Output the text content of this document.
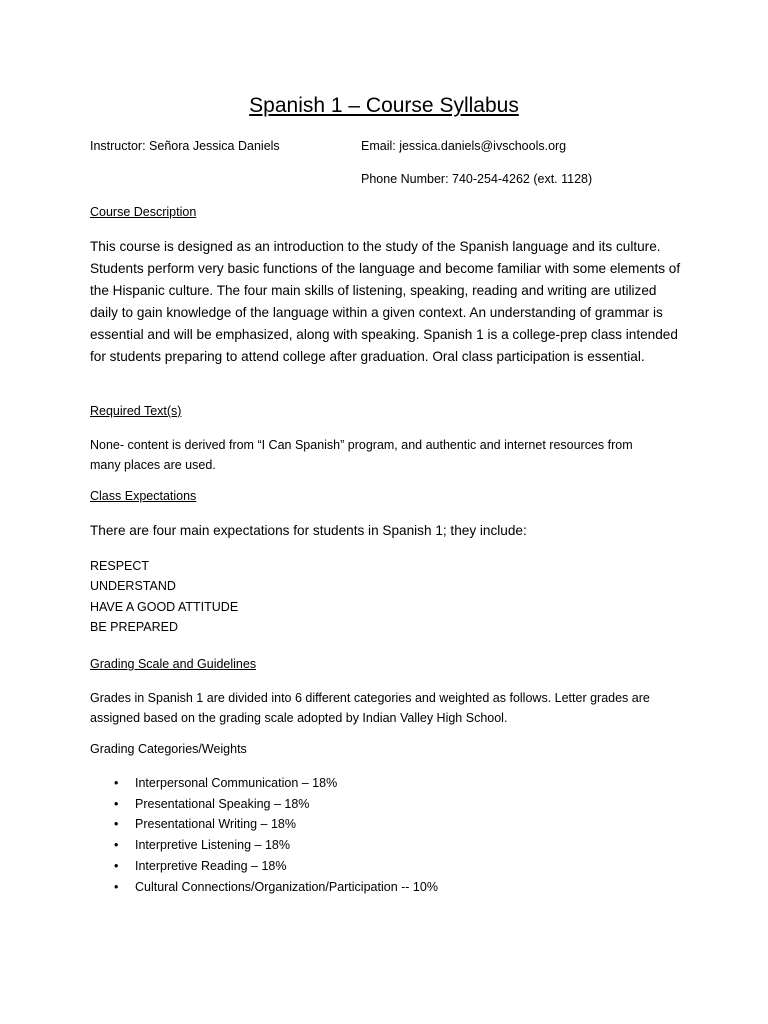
Spanish 1 – Course Syllabus

Instructor: Señora Jessica Daniels	Email: jessica.daniels@ivschools.org

Phone Number: 740-254-4262 (ext. 1128)

Course Description

This course is designed as an introduction to the study of the Spanish language and its culture. Students perform very basic functions of the language and become familiar with some elements of the Hispanic culture. The four main skills of listening, speaking, reading and writing are utilized daily to gain knowledge of the language within a given context. An understanding of grammar is essential and will be emphasized, along with speaking. Spanish 1 is a college-prep class intended for students preparing to attend college after graduation. Oral class participation is essential.

Required Text(s)

None- content is derived from “I Can Spanish” program, and authentic and internet resources from many places are used.

Class Expectations

There are four main expectations for students in Spanish 1; they include:

RESPECT
UNDERSTAND
HAVE A GOOD ATTITUDE
BE PREPARED

Grading Scale and Guidelines

Grades in Spanish 1 are divided into 6 different categories and weighted as follows. Letter grades are assigned based on the grading scale adopted by Indian Valley High School.

Grading Categories/Weights

• Interpersonal Communication – 18%
• Presentational Speaking – 18%
• Presentational Writing – 18%
• Interpretive Listening – 18%
• Interpretive Reading – 18%
• Cultural Connections/Organization/Participation -- 10%
